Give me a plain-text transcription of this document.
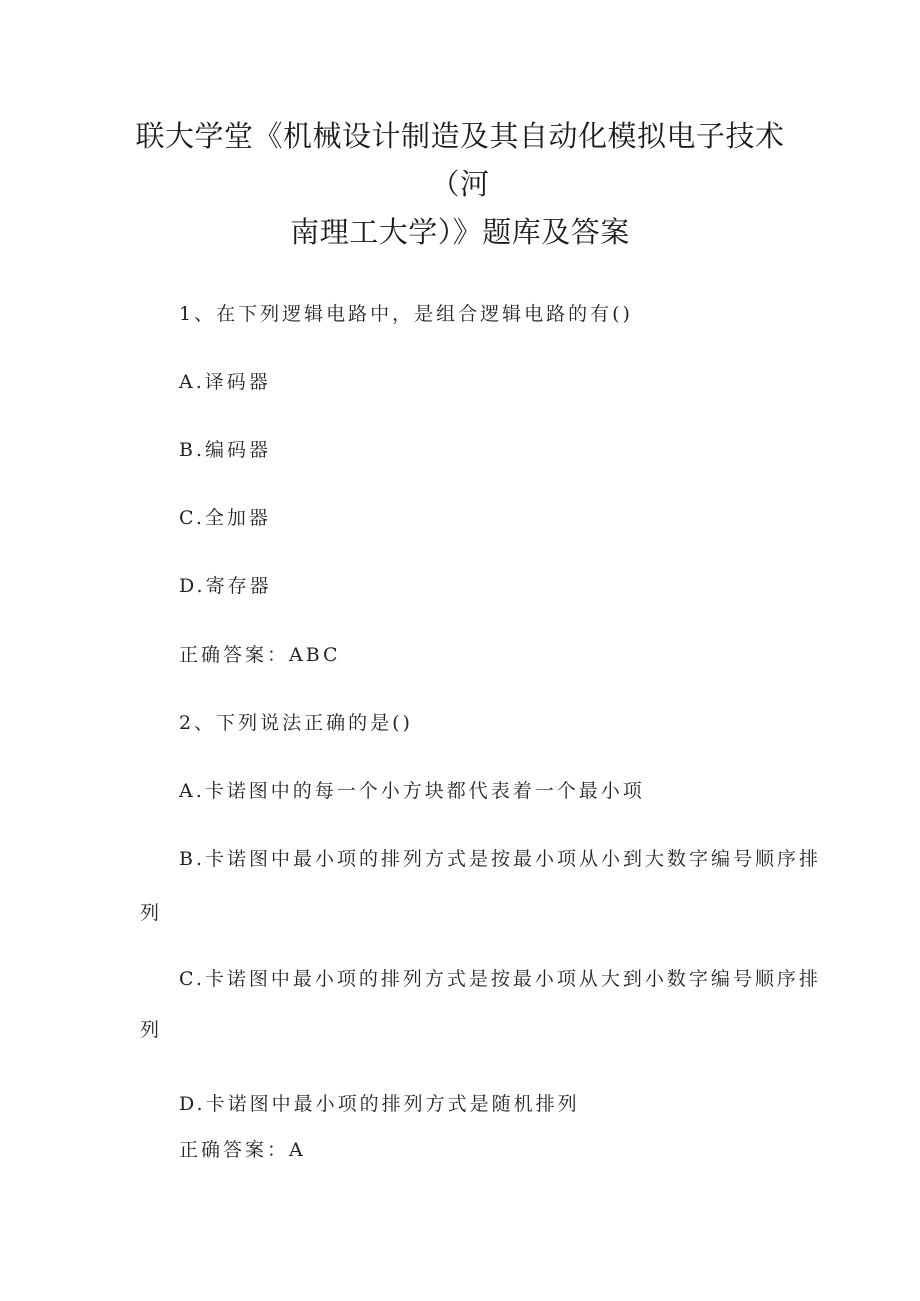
联大学堂《机械设计制造及其自动化模拟电子技术（河
南理工大学）》题库及答案
1、在下列逻辑电路中，是组合逻辑电路的有()
A.译码器
B.编码器
C.全加器
D.寄存器
正确答案：ABC
2、下列说法正确的是()
A.卡诺图中的每一个小方块都代表着一个最小项
B.卡诺图中最小项的排列方式是按最小项从小到大数字编号顺序排
列
C.卡诺图中最小项的排列方式是按最小项从大到小数字编号顺序排
列
D.卡诺图中最小项的排列方式是随机排列
正确答案：A
